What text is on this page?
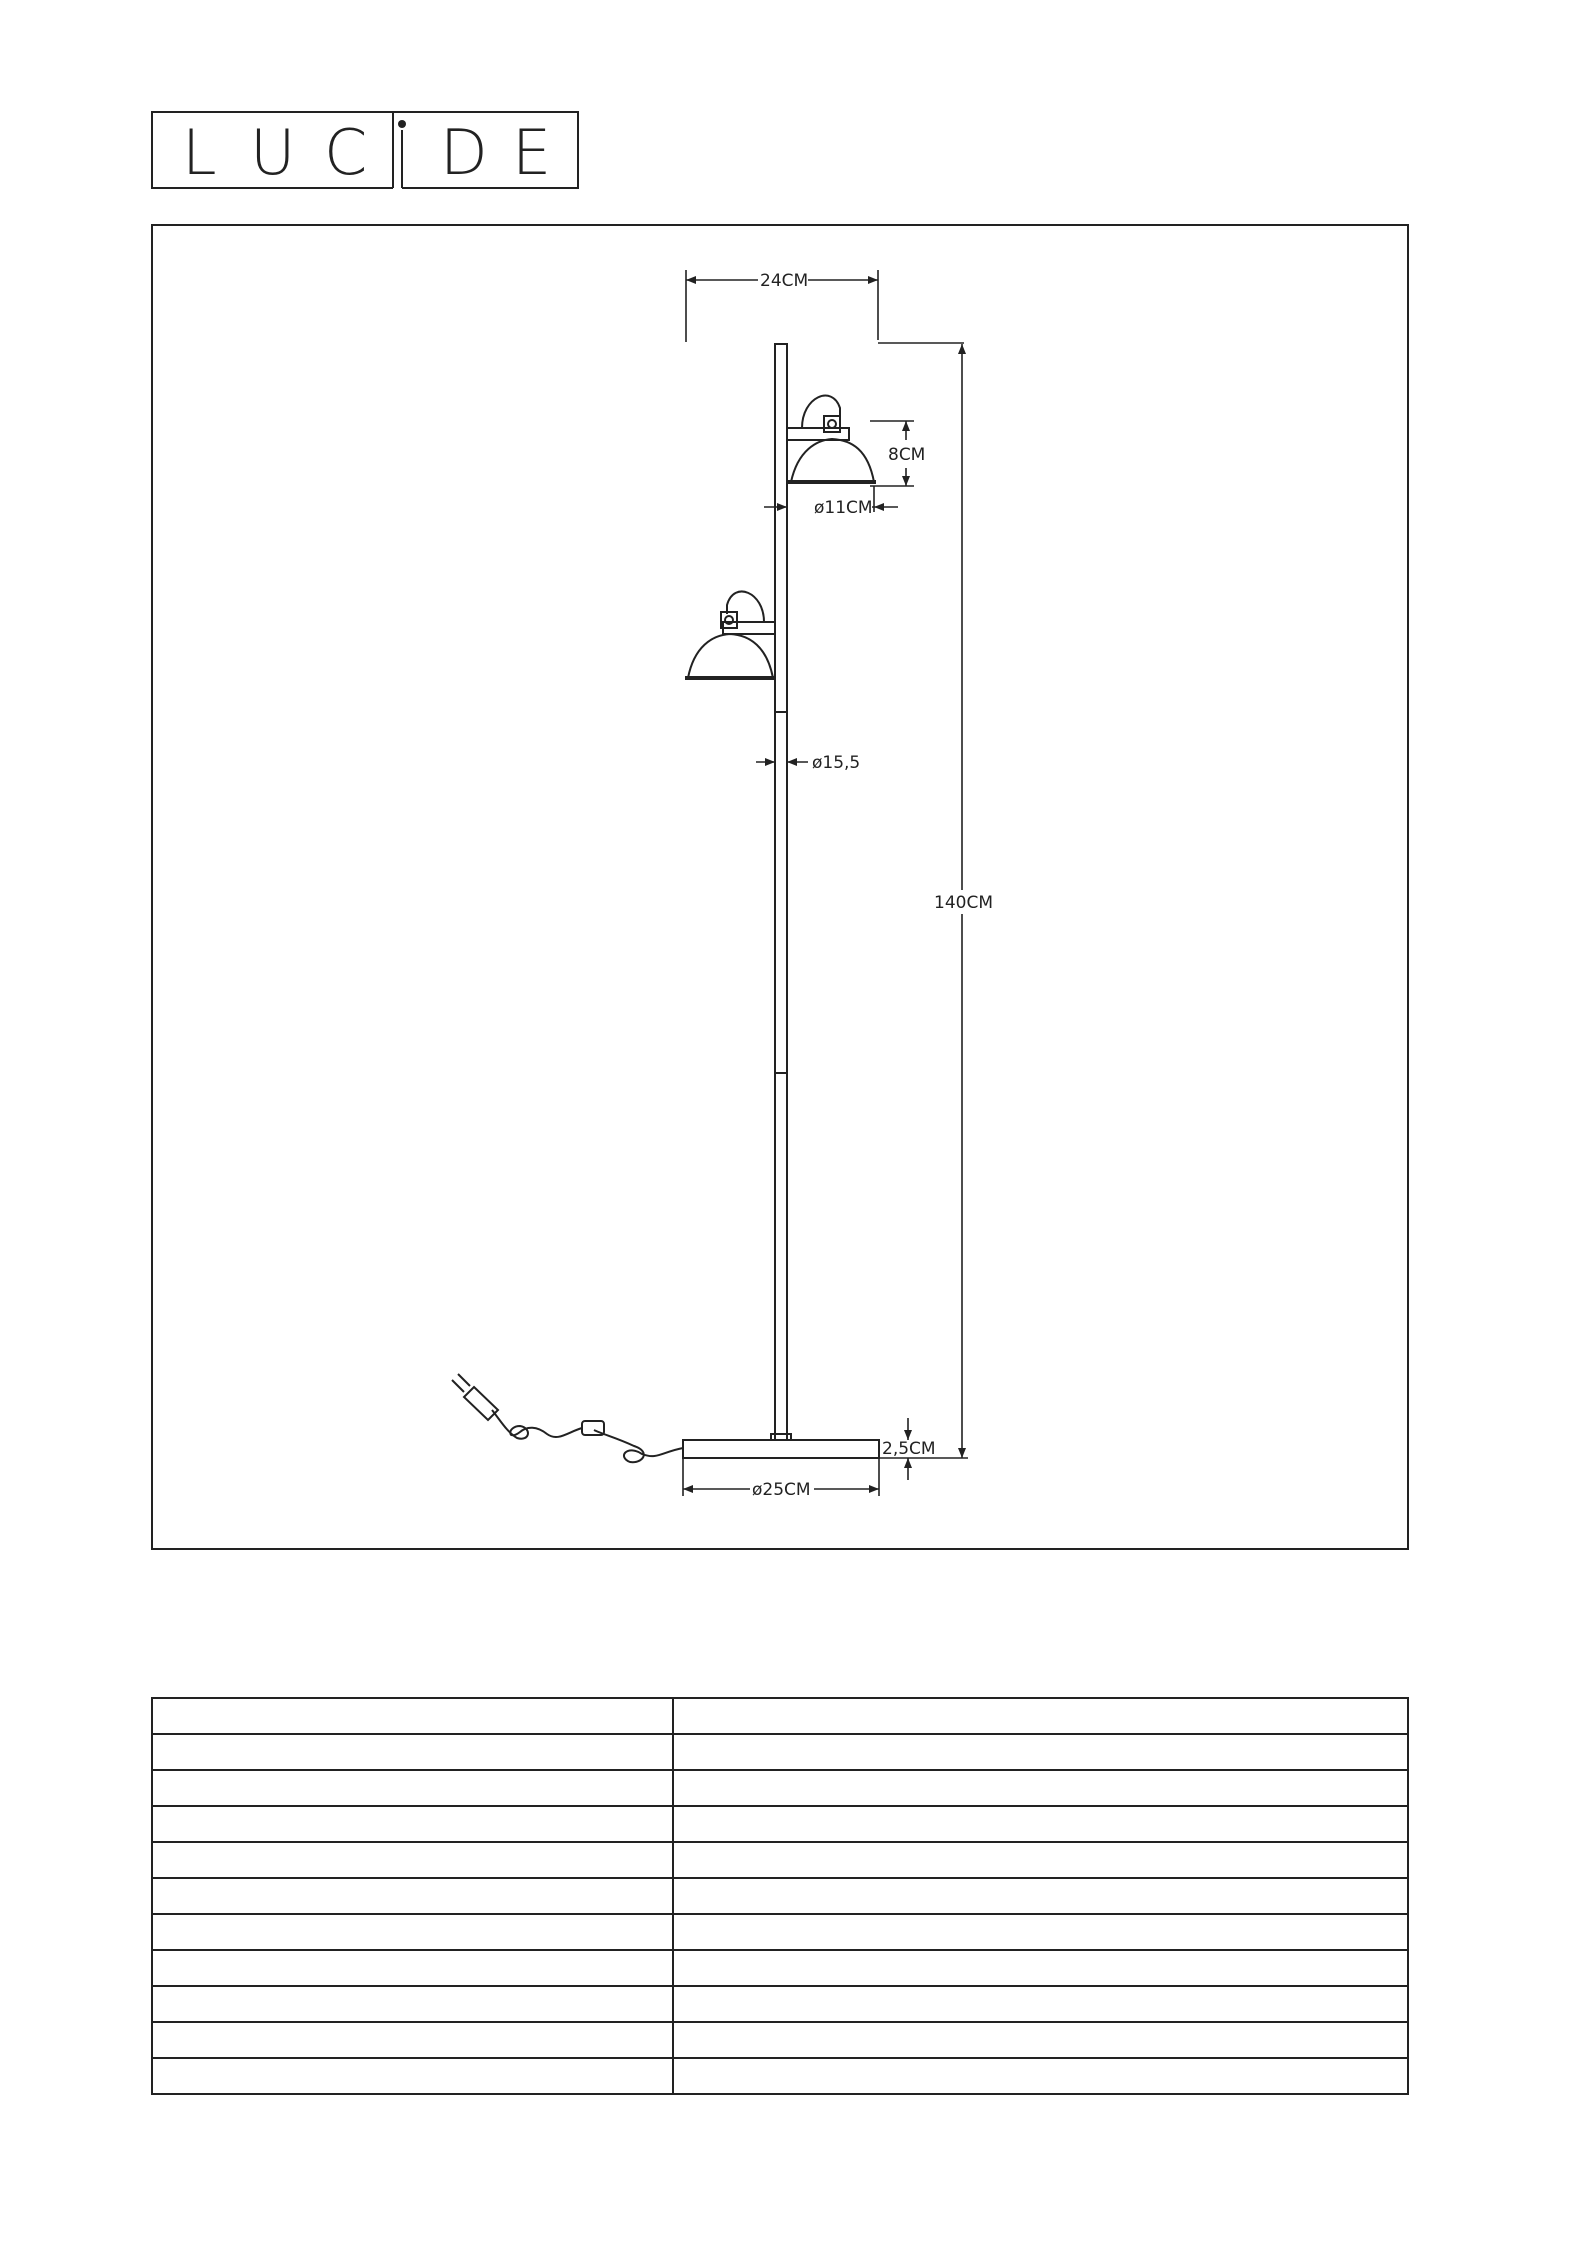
L U C D E
24CM
8CM
ø11CM
ø15,5
140CM
2,5CM
ø25CM
